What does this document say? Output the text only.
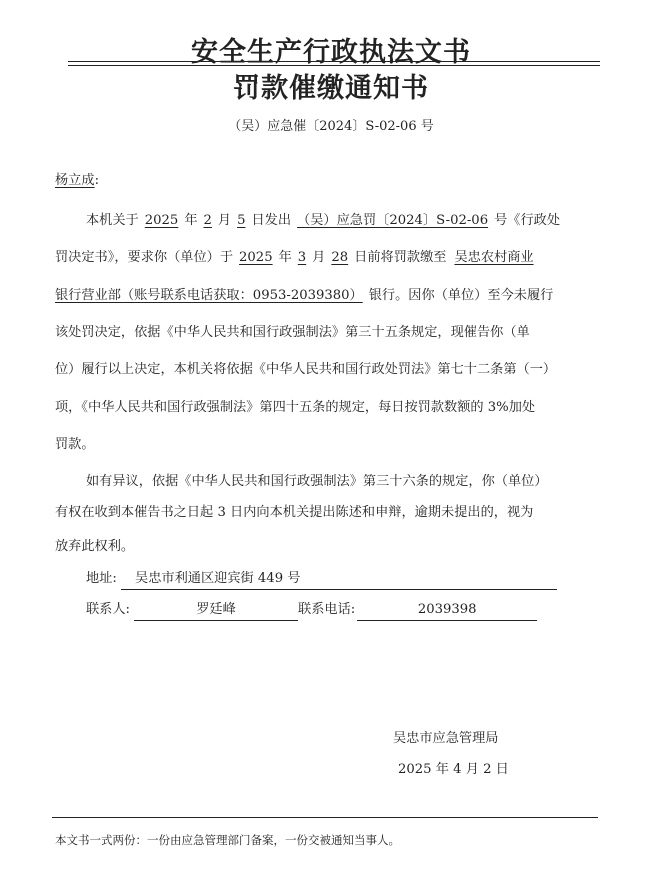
安全生产行政执法文书
罚款催缴通知书
（吴）应急催〔2024〕S-02-06 号
杨立成:
本机关于 2025 年 2 月 5 日发出 （吴）应急罚〔2024〕S-02-06 号《行政处
罚决定书》，要求你（单位）于 2025 年 3 月 28 日前将罚款缴至 吴忠农村商业
银行营业部（账号联系电话获取：0953-2039380） 银行。因你（单位）至今未履行
该处罚决定，依据《中华人民共和国行政强制法》第三十五条规定，现催告你（单
位）履行以上决定，本机关将依据《中华人民共和国行政处罚法》第七十二条第（一）
项，《中华人民共和国行政强制法》第四十五条的规定，每日按罚款数额的 3%加处
罚款。
如有异议，依据《中华人民共和国行政强制法》第三十六条的规定，你（单位）
有权在收到本催告书之日起 3 日内向本机关提出陈述和申辩，逾期未提出的，视为
放弃此权利。
地址: 吴忠市利通区迎宾街 449 号
联系人:	罗廷峰	联系电话:	2039398
吴忠市应急管理局
2025 年 4 月 2 日
本文书一式两份：一份由应急管理部门备案，一份交被通知当事人。
